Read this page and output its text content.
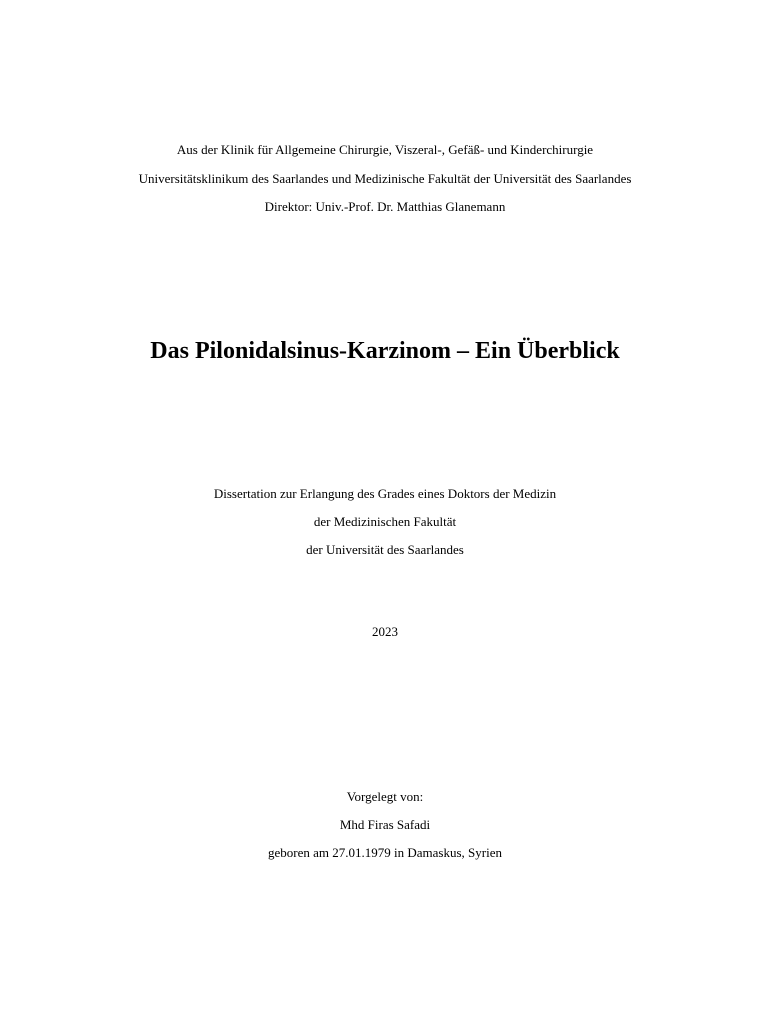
Aus der Klinik für Allgemeine Chirurgie, Viszeral-, Gefäß- und Kinderchirurgie
Universitätsklinikum des Saarlandes und Medizinische Fakultät der Universität des Saarlandes
Direktor: Univ.-Prof. Dr. Matthias Glanemann
Das Pilonidalsinus-Karzinom – Ein Überblick
Dissertation zur Erlangung des Grades eines Doktors der Medizin
der Medizinischen Fakultät
der Universität des Saarlandes
2023
Vorgelegt von:
Mhd Firas Safadi
geboren am 27.01.1979 in Damaskus, Syrien
